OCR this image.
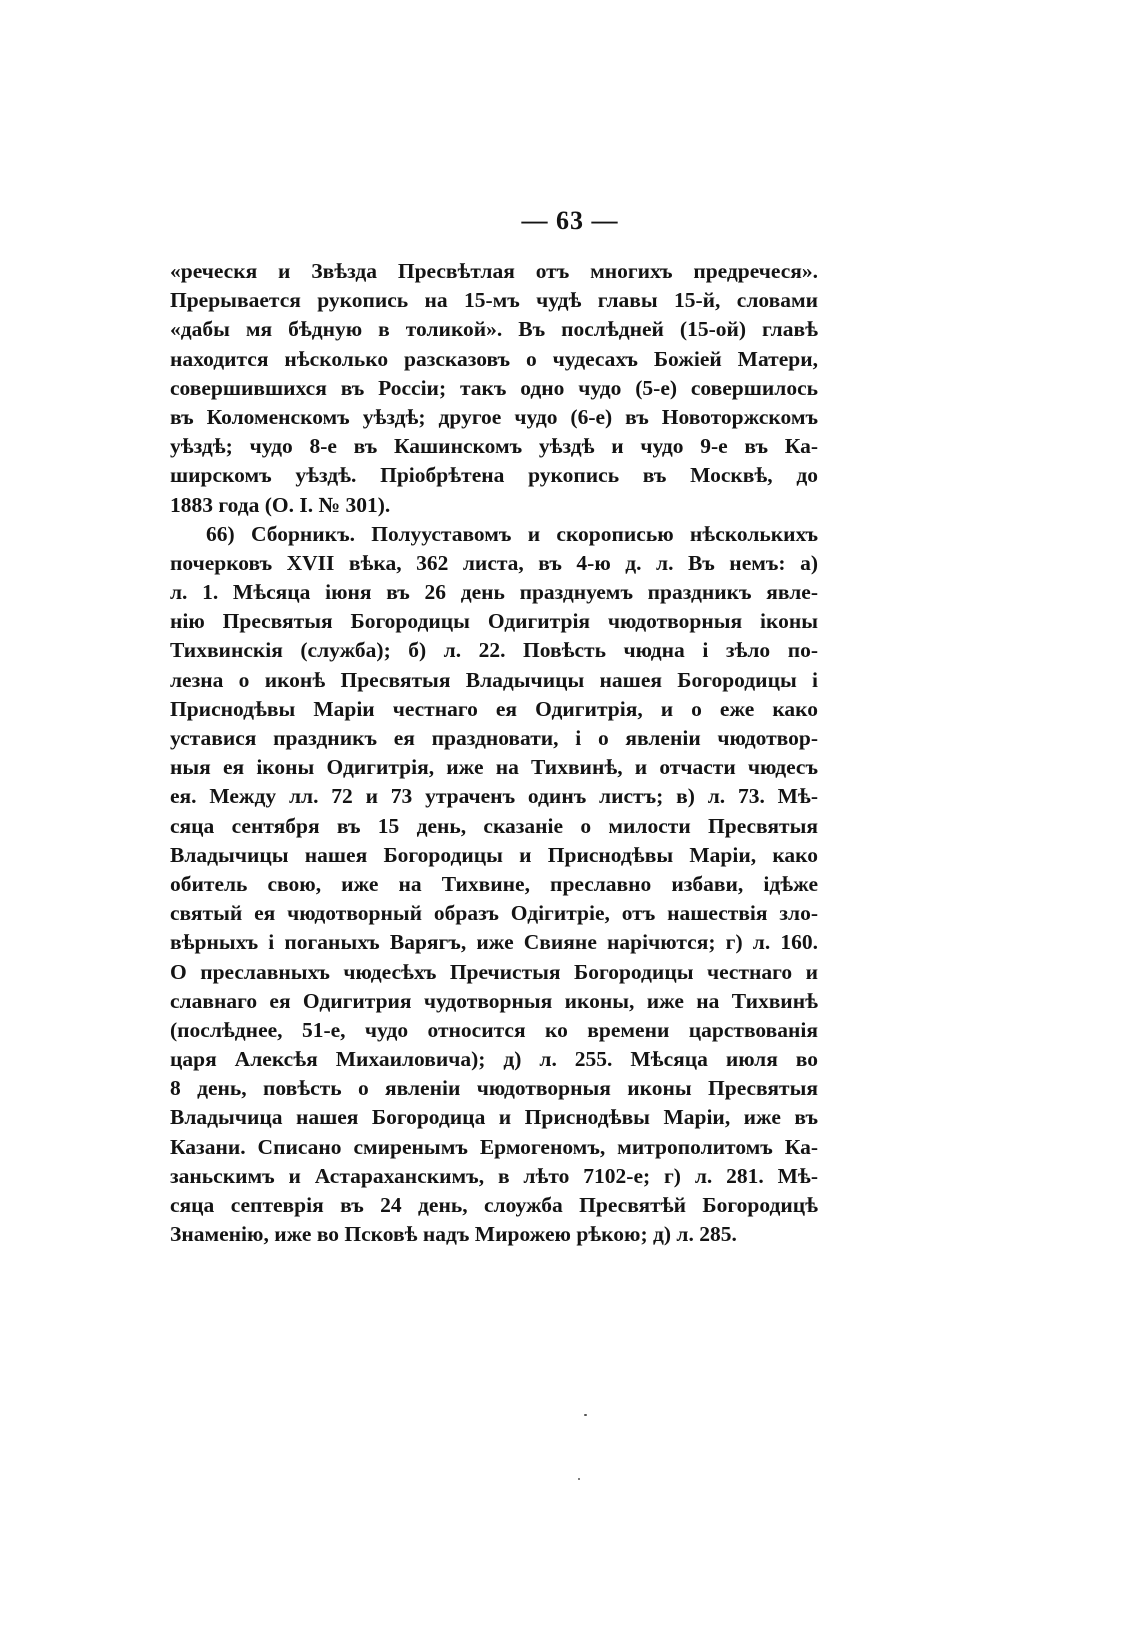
— 63 —
«реческя и Звѣзда Пресвѣтлая отъ многихъ предречеся».
Прерывается рукопись на 15-мъ чудѣ главы 15-й, словами
«дабы мя бѣдную в толикой». Въ послѣдней (15-ой) главѣ
находится нѣсколько разсказовъ о чудесахъ Божіей Матери,
совершившихся въ Россіи; такъ одно чудо (5-е) совершилось
въ Коломенскомъ уѣздѣ; другое чудо (6-е) въ Новоторжскомъ
уѣздѣ; чудо 8-е въ Кашинскомъ уѣздѣ и чудо 9-е въ Ка-
ширскомъ уѣздѣ. Пріобрѣтена рукопись въ Москвѣ, до
1883 года (О. I. № 301).
66) Сборникъ. Полууставомъ и скорописью нѣсколькихъ
почерковъ XVII вѣка, 362 листа, въ 4-ю д. л. Въ немъ: а)
л. 1. Мѣсяца іюня въ 26 день празднуемъ праздникъ явле-
нію Пресвятыя Богородицы Одигитрія чюдотворныя іконы
Тихвинскія (служба); б) л. 22. Повѣсть чюдна і зѣло по-
лезна о иконѣ Пресвятыя Владычицы нашея Богородицы і
Приснодѣвы Маріи честнаго ея Одигитрія, и о еже како
уставися праздникъ ея праздновати, і о явленіи чюдотвор-
ныя ея іконы Одигитрія, иже на Тихвинѣ, и отчасти чюдесъ
ея. Между лл. 72 и 73 утраченъ одинъ листъ; в) л. 73. Мѣ-
сяца сентября въ 15 день, сказаніе о милости Пресвятыя
Владычицы нашея Богородицы и Приснодѣвы Маріи, како
обитель свою, иже на Тихвине, преславно избави, ідѣже
святый ея чюдотворный образъ Одігитріе, отъ нашествія зло-
вѣрныхъ і поганыхъ Варягъ, иже Свияне нарічются; г) л. 160.
О преславныхъ чюдесѣхъ Пречистыя Богородицы честнаго и
славнаго ея Одигитрия чудотворныя иконы, иже на Тихвинѣ
(послѣднее, 51-е, чудо относится ко времени царствованія
царя Алексѣя Михаиловича); д) л. 255. Мѣсяца июля во
8 день, повѣсть о явленіи чюдотворныя иконы Пресвятыя
Владычица нашея Богородица и Приснодѣвы Маріи, иже въ
Казани. Списано смиренымъ Ермогеномъ, митрополитомъ Ка-
заньскимъ и Астараханскимъ, в лѣто 7102-е; г) л. 281. Мѣ-
сяца септеврія въ 24 день, слоужба Пресвятѣй Богородицѣ
Знаменію, иже во Псковѣ надъ Мирожею рѣкою; д) л. 285.
